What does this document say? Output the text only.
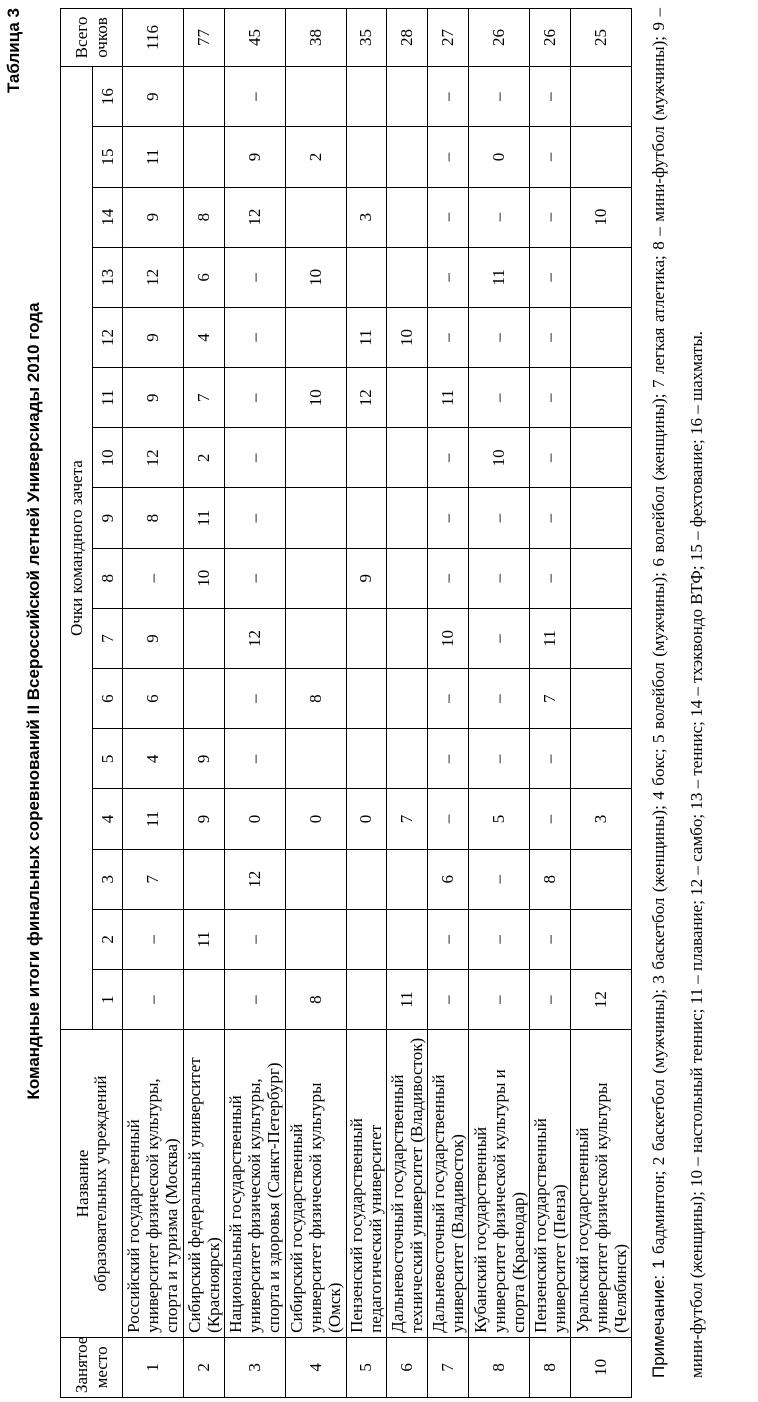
Таблица 3
Командные итоги финальных соревнований II Всероссийской летней Универсиады 2010 года
Занятое место	Название
образовательных учреждений	Очки командного зачета																Всего
очков
		1	2	3	4	5	6	7	8	9	10	11	12	13	14	15	16	
1	Российский государственный университет физической культуры, спорта и туризма (Москва)	–	–	7	11	4	6	9	–	8	12	9	9	12	9	11	9	116
2	Сибирский федеральный университет (Красноярск)		11		9	9			10	11	2	7	4	6	8			77
3	Национальный государственный университет физической культуры, спорта и здоровья (Санкт-Петербург)	–	–	12	0	–	–	12	–	–	–	–	–	–	12	9	–	45
4	Сибирский государственный университет физической культуры (Омск)	8			0		8					10		10		2		38
5	Пензенский государственный педагогический университет				0				9			12	11		3			35
6	Дальневосточный государственный технический университет (Владивосток)	11			7								10					28
7	Дальневосточный государственный университет (Владивосток)	–	–	6	–	–	–	10	–	–	–	11	–	–	–	–	–	27
8	Кубанский государственный университет физической культуры и спорта (Краснодар)	–	–	–	5	–	–	–	–	–	10	–	–	11	–	0	–	26
8	Пензенский государственный университет (Пенза)	–	–	8	–	–	7	11	–	–	–	–	–	–	–	–	–	26
10	Уральский государственный университет физической культуры (Челябинск)	12			3										10			25
Примечание: 1 бадминтон; 2 баскетбол (мужчины); 3 баскетбол (женщины); 4 бокс; 5 волейбол (мужчины); 6 волейбол (женщины); 7 легкая атлетика; 8 – мини-футбол (мужчины); 9 – мини-футбол (женщины); 10 – настольный теннис; 11 – плавание; 12 – самбо; 13 – теннис; 14 – тхэквондо ВТФ; 15 – фехтование; 16 – шахматы.
